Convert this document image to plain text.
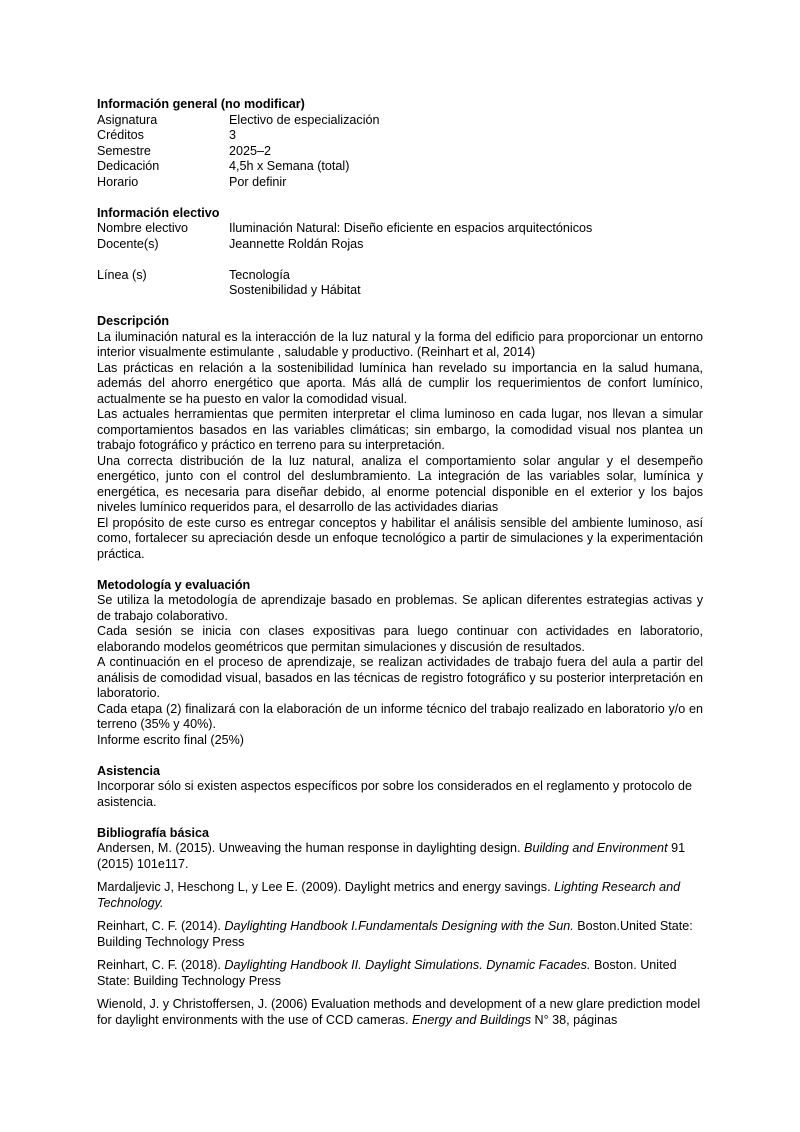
Información general (no modificar)
Asignatura	Electivo de especialización
Créditos	3
Semestre	2025–2
Dedicación	4,5h x Semana (total)
Horario	Por definir
Información electivo
Nombre electivo	Iluminación Natural: Diseño eficiente en espacios arquitectónicos
Docente(s)	Jeannette Roldán Rojas
Línea (s)	Tecnología
Sostenibilidad y Hábitat
Descripción

La iluminación natural es la interacción de la luz natural y la forma del edificio para proporcionar un entorno interior visualmente estimulante , saludable y productivo. (Reinhart et al, 2014)

Las prácticas en relación a la sostenibilidad lumínica han revelado su importancia en la salud humana, además del ahorro energético que aporta. Más allá de cumplir los requerimientos de confort lumínico, actualmente se ha puesto en valor la comodidad visual.

Las actuales herramientas que permiten interpretar el clima luminoso en cada lugar, nos llevan a simular comportamientos basados en las variables climáticas; sin embargo, la comodidad visual nos plantea un trabajo fotográfico y práctico en terreno para su interpretación.

Una correcta distribución de la luz natural, analiza el comportamiento solar angular y el desempeño energético, junto con el control del deslumbramiento. La integración de las variables solar, lumínica y energética, es necesaria para diseñar debido, al enorme potencial disponible en el exterior y los bajos niveles lumínico requeridos para, el desarrollo de las actividades diarias

El propósito de este curso es entregar conceptos y habilitar el análisis sensible del ambiente luminoso, así como, fortalecer su apreciación desde un enfoque tecnológico a partir de simulaciones y la experimentación práctica.

Metodología y evaluación

Se utiliza la metodología de aprendizaje basado en problemas. Se aplican diferentes estrategias activas y de trabajo colaborativo.

Cada sesión se inicia con clases expositivas para luego continuar con actividades en laboratorio, elaborando modelos geométricos que permitan simulaciones y discusión de resultados.

A continuación en el proceso de aprendizaje, se realizan actividades de trabajo fuera del aula a partir del análisis de comodidad visual, basados en las técnicas de registro fotográfico y su posterior interpretación en laboratorio.

Cada etapa (2) finalizará con la elaboración de un informe técnico del trabajo realizado en laboratorio y/o en terreno (35% y 40%).

Informe escrito final (25%)

Asistencia

Incorporar sólo si existen aspectos específicos por sobre los considerados en el reglamento y protocolo de asistencia.

Bibliografía básica

Andersen, M. (2015). Unweaving the human response in daylighting design. Building and Environment 91 (2015) 101e117.

Mardaljevic J, Heschong L, y Lee E. (2009). Daylight metrics and energy savings. Lighting Research and Technology.

Reinhart, C. F. (2014). Daylighting Handbook I.Fundamentals Designing with the Sun. Boston.United State: Building Technology Press

Reinhart, C. F. (2018). Daylighting Handbook II. Daylight Simulations. Dynamic Facades. Boston. United State: Building Technology Press

Wienold, J. y Christoffersen, J. (2006) Evaluation methods and development of a new glare prediction model for daylight environments with the use of CCD cameras. Energy and Buildings N° 38, páginas
